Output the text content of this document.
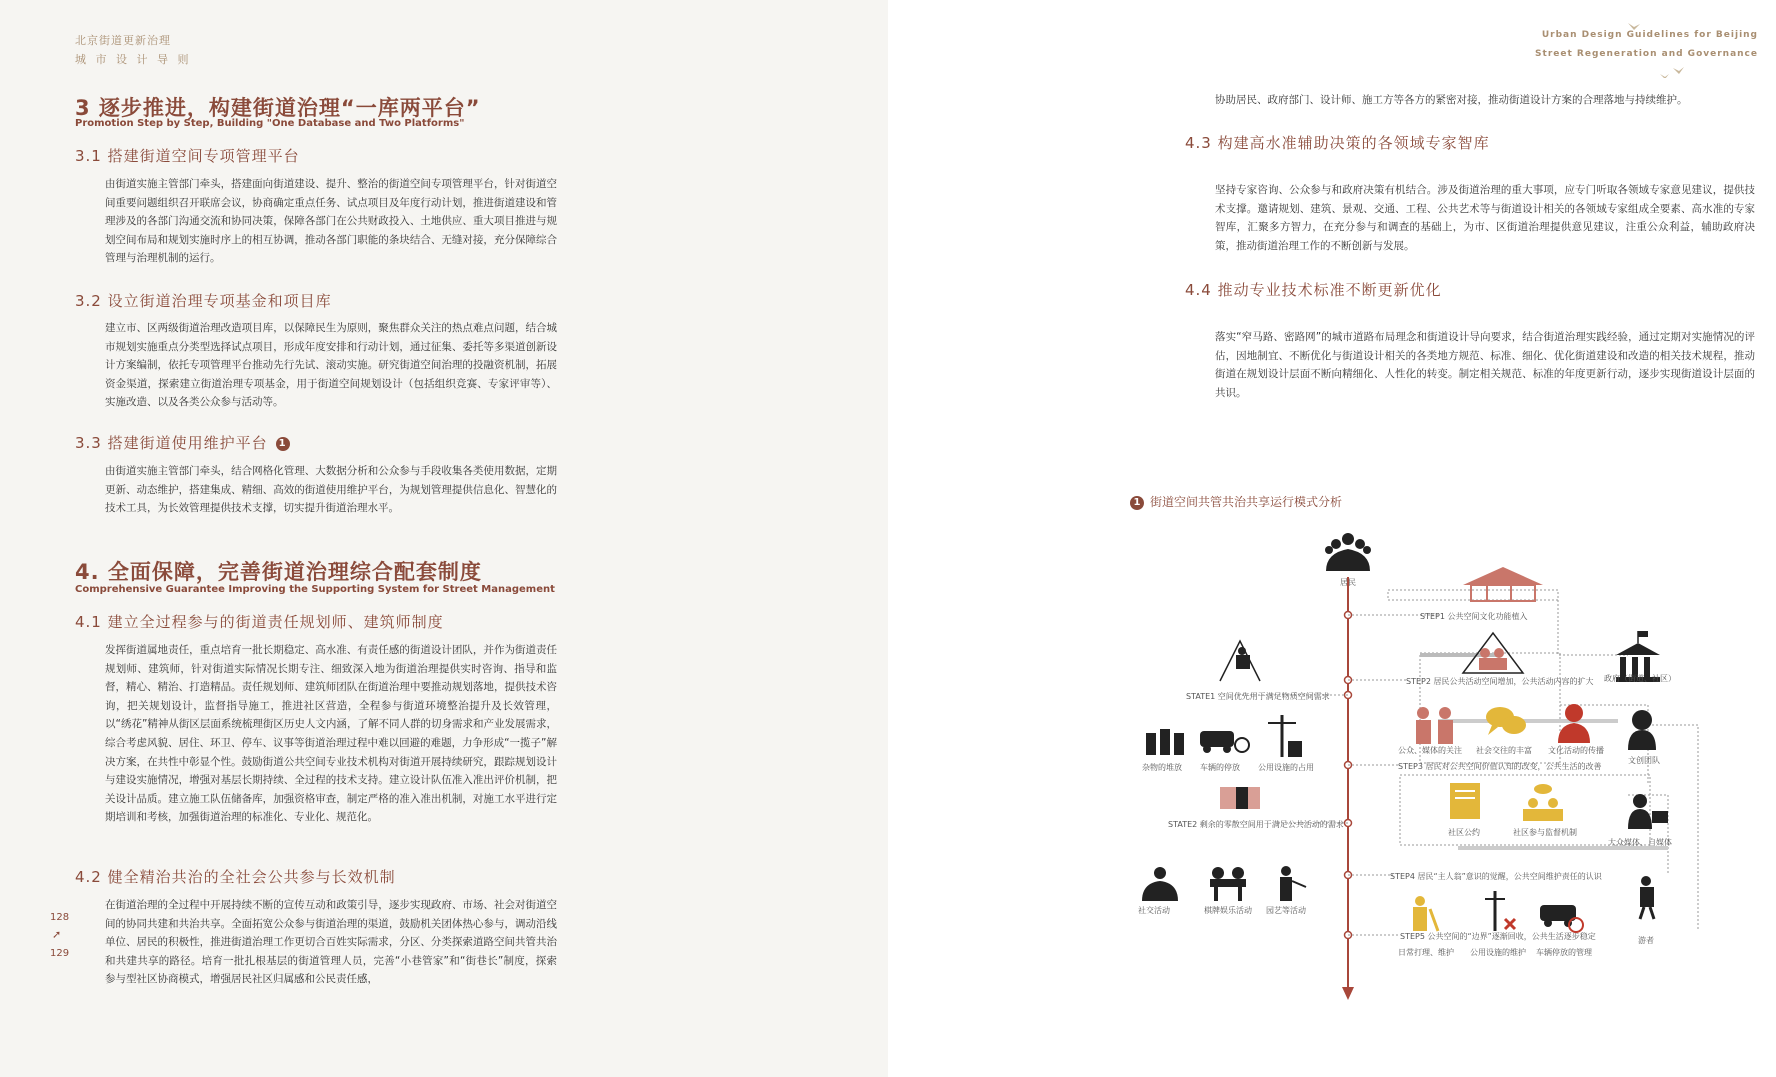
北京街道更新治理
城 市 设 计 导 则
3 逐步推进，构建街道治理“一库两平台”
Promotion Step by Step, Building "One Database and Two Platforms"
3.1 搭建街道空间专项管理平台

由街道实施主管部门牵头，搭建面向街道建设、提升、整治的街道空间专项管理平台，针对街道空间重要问题组织召开联席会议，协商确定重点任务、试点项目及年度行动计划，推进街道建设和管理涉及的各部门沟通交流和协同决策，保障各部门在公共财政投入、土地供应、重大项目推进与规划空间布局和规划实施时序上的相互协调，推动各部门职能的条块结合、无缝对接，充分保障综合管理与治理机制的运行。

3.2 设立街道治理专项基金和项目库

建立市、区两级街道治理改造项目库，以保障民生为原则，聚焦群众关注的热点难点问题，结合城市规划实施重点分类型选择试点项目，形成年度安排和行动计划，通过征集、委托等多渠道创新设计方案编制，依托专项管理平台推动先行先试、滚动实施。研究街道空间治理的投融资机制，拓展资金渠道，探索建立街道治理专项基金，用于街道空间规划设计（包括组织竞赛、专家评审等）、实施改造、以及各类公众参与活动等。

3.3 搭建街道使用维护平台 1

由街道实施主管部门牵头，结合网格化管理、大数据分析和公众参与手段收集各类使用数据，定期更新、动态维护，搭建集成、精细、高效的街道使用维护平台，为规划管理提供信息化、智慧化的技术工具，为长效管理提供技术支撑，切实提升街道治理水平。

4. 全面保障，完善街道治理综合配套制度
Comprehensive Guarantee Improving the Supporting System for Street Management
4.1 建立全过程参与的街道责任规划师、建筑师制度

发挥街道属地责任，重点培育一批长期稳定、高水准、有责任感的街道设计团队，并作为街道责任规划师、建筑师，针对街道实际情况长期专注、细致深入地为街道治理提供实时咨询、指导和监督，精心、精治、打造精品。责任规划师、建筑师团队在街道治理中要推动规划落地，提供技术咨询，把关规划设计，监督指导施工，推进社区营造，全程参与街道环境整治提升及长效管理，以“绣花”精神从街区层面系统梳理街区历史人文内涵，了解不同人群的切身需求和产业发展需求，综合考虑风貌、居住、环卫、停车、议事等街道治理过程中难以回避的难题，力争形成“一揽子”解决方案，在共性中彰显个性。鼓励街道公共空间专业技术机构对街道开展持续研究，跟踪规划设计与建设实施情况，增强对基层长期持续、全过程的技术支持。建立设计队伍准入准出评价机制，把关设计品质。建立施工队伍储备库，加强资格审查，制定严格的准入准出机制，对施工水平进行定期培训和考核，加强街道治理的标准化、专业化、规范化。

4.2 健全精治共治的全社会公共参与长效机制

在街道治理的全过程中开展持续不断的宣传互动和政策引导，逐步实现政府、市场、社会对街道空间的协同共建和共治共享。全面拓宽公众参与街道治理的渠道，鼓励机关团体热心参与，调动沿线单位、居民的积极性，推进街道治理工作更切合百姓实际需求，分区、分类探索道路空间共管共治和共建共享的路径。培育一批扎根基层的街道管理人员，完善“小巷管家”和“街巷长”制度，探索参与型社区协商模式，增强居民社区归属感和公民责任感，

128
➚
129
Urban Design Guidelines for Beijing
Street Regeneration and Governance

协助居民、政府部门、设计师、施工方等各方的紧密对接，推动街道设计方案的合理落地与持续维护。

4.3 构建高水准辅助决策的各领域专家智库

坚持专家咨询、公众参与和政府决策有机结合。涉及街道治理的重大事项，应专门听取各领域专家意见建议，提供技术支撑。邀请规划、建筑、景观、交通、工程、公共艺术等与街道设计相关的各领域专家组成全要素、高水准的专家智库，汇聚多方智力，在充分参与和调查的基础上，为市、区街道治理提供意见建议，注重公众利益，辅助政府决策，推动街道治理工作的不断创新与发展。

4.4 推动专业技术标准不断更新优化

落实“窄马路、密路网”的城市道路布局理念和街道设计导向要求，结合街道治理实践经验，通过定期对实施情况的评估，因地制宜、不断优化与街道设计相关的各类地方规范、标准、细化、优化街道建设和改造的相关技术规程，推动街道在规划设计层面不断向精细化、人性化的转变。制定相关规范、标准的年度更新行动，逐步实现街道设计层面的共识。

1 街道空间共管共治共享运行模式分析
居民
STEP1 公共空间文化功能植入
STEP2 居民公共活动空间增加，公共活动内容的扩大
STEP3 居民对公共空间价值认知的改变，公共生活的改善
STEP4 居民“主人翁”意识的觉醒，公共空间维护责任的认识
STEP5 公共空间的“边界”逐渐回收，公共生活逐步稳定
STATE1 空间优先用于满足物质空间需求
STATE2 剩余的零散空间用于满足公共活动的需求
公众、媒体的关注 社会交往的丰富 文化活动的传播
社区公约	社区参与监督机制
日常打理、维护 公用设施的维护 车辆停放的管理
杂物的堆放 车辆的停放 公用设施的占用
社交活动	棋牌娱乐活动 园艺等活动
政府（街道、社区）
文创团队
大众媒体、自媒体
游者
